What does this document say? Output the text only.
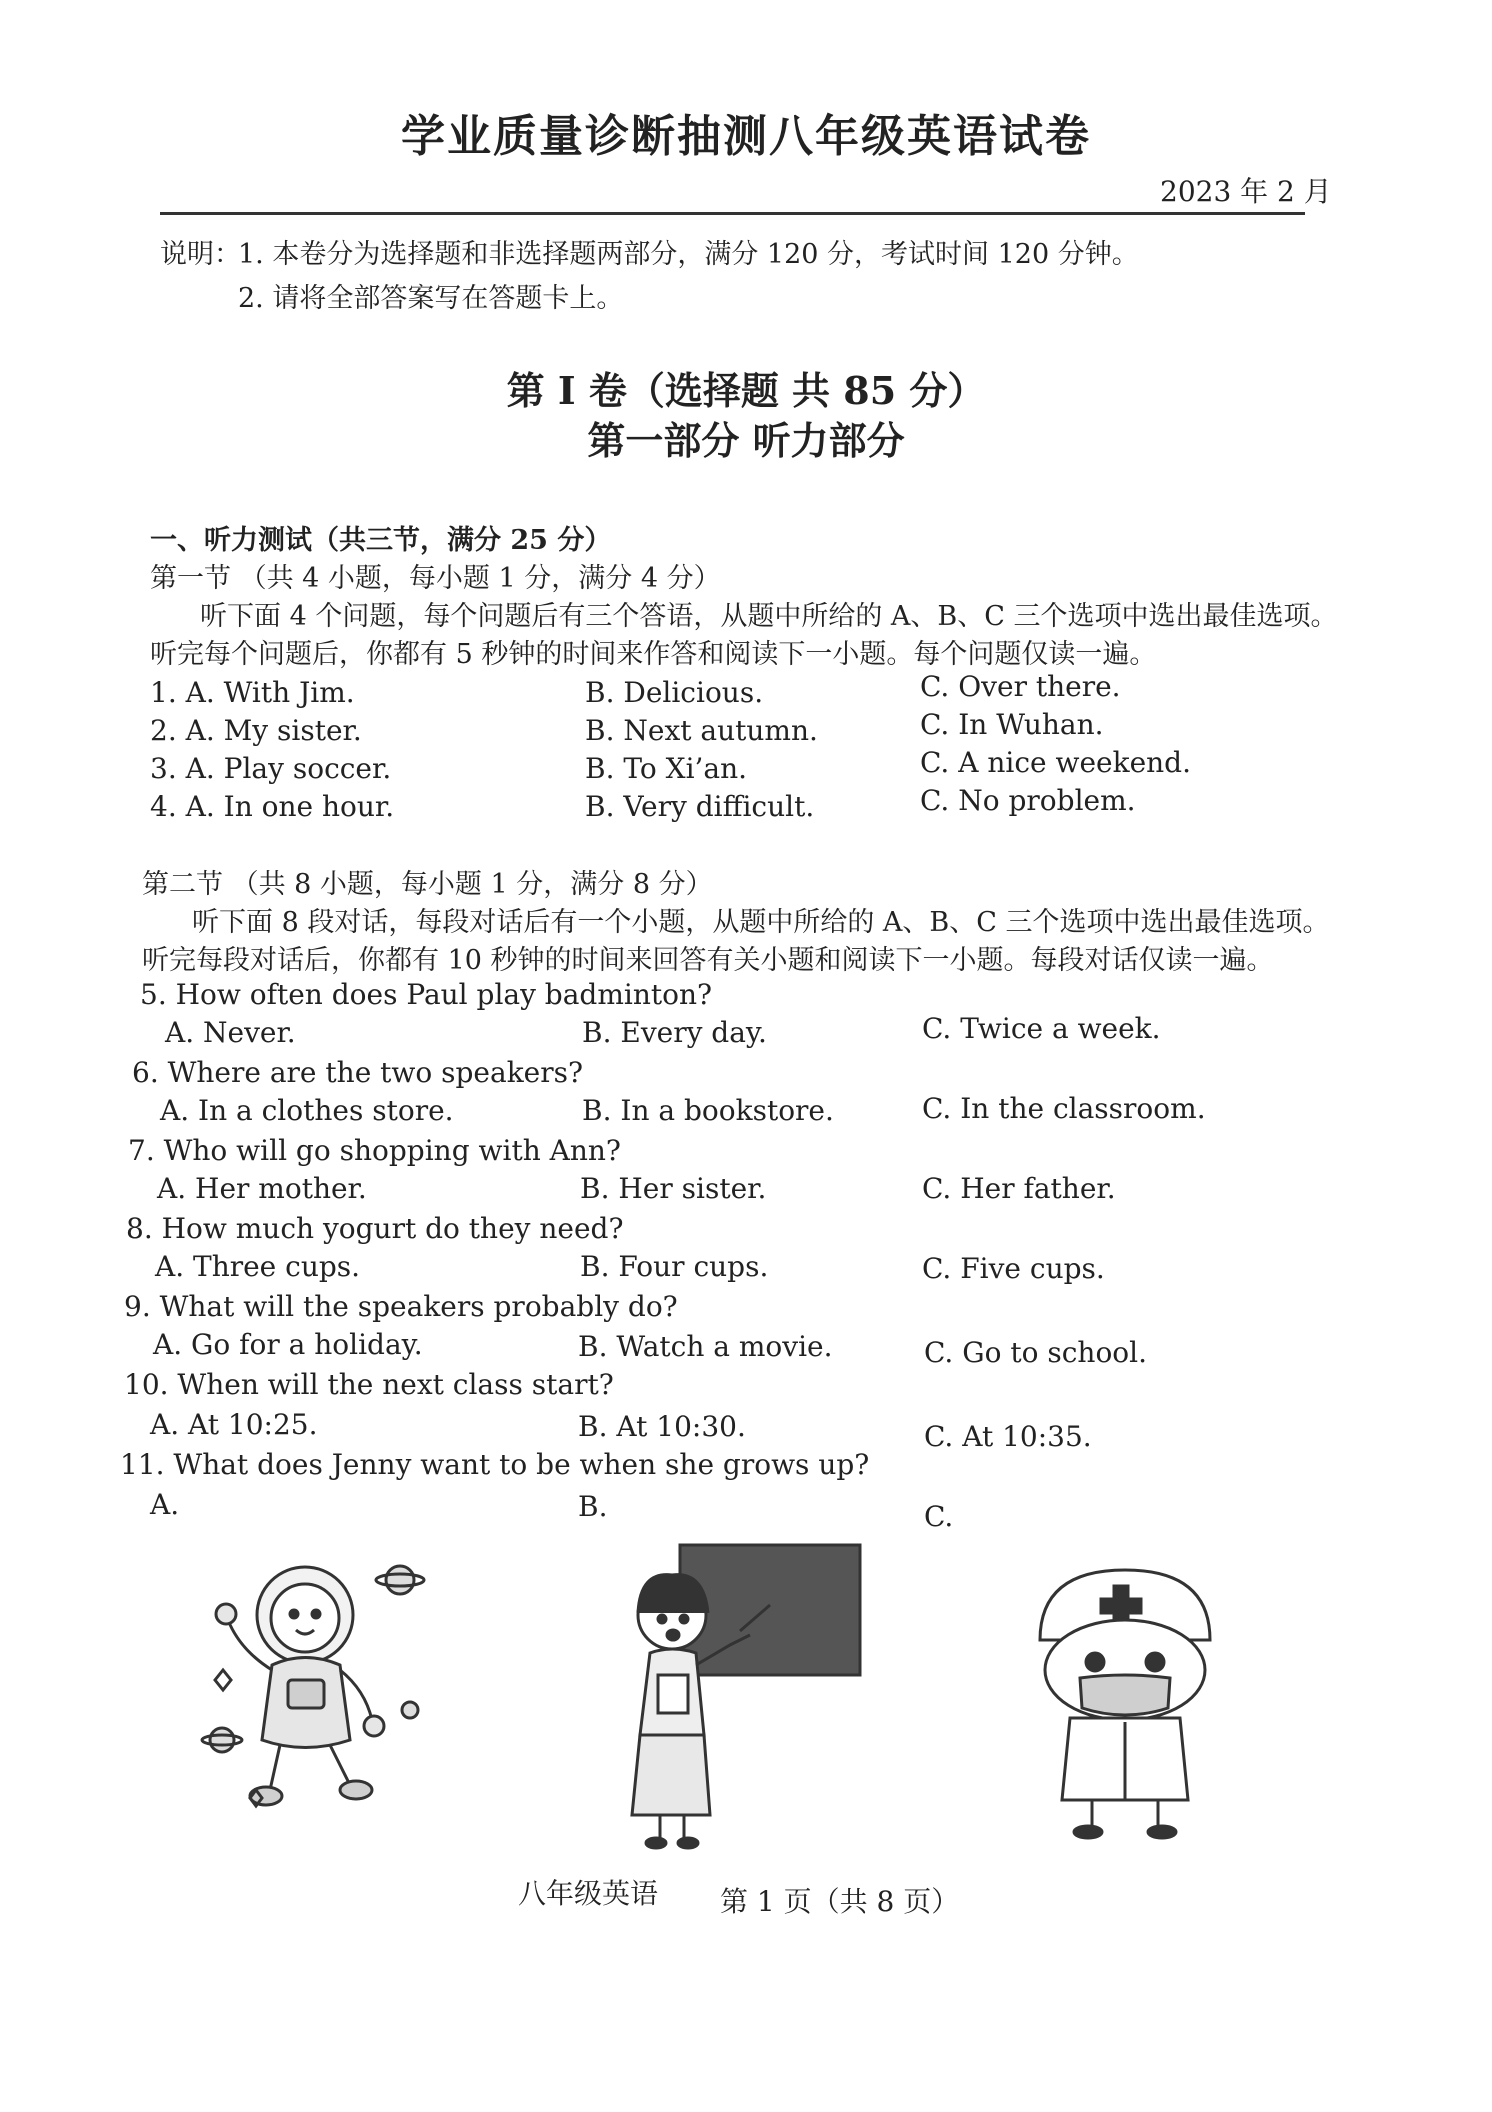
学业质量诊断抽测八年级英语试卷
2023 年 2 月
说明：
1. 本卷分为选择题和非选择题两部分，满分 120 分，考试时间 120 分钟。
2. 请将全部答案写在答题卡上。
第 I 卷（选择题 共 85 分）
第一部分 听力部分
一、听力测试（共三节，满分 25 分）
第一节 （共 4 小题，每小题 1 分，满分 4 分）
听下面 4 个问题，每个问题后有三个答语，从题中所给的 A、B、C 三个选项中选出最佳选项。
听完每个问题后，你都有 5 秒钟的时间来作答和阅读下一小题。每个问题仅读一遍。
1. A. With Jim.	B. Delicious.	C. Over there.
2. A. My sister.	B. Next autumn.	C. In Wuhan.
3. A. Play soccer.	B. To Xi’an.	C. A nice weekend.
4. A. In one hour.	B. Very difficult.	C. No problem.
第二节 （共 8 小题，每小题 1 分，满分 8 分）
听下面 8 段对话，每段对话后有一个小题，从题中所给的 A、B、C 三个选项中选出最佳选项。
听完每段对话后，你都有 10 秒钟的时间来回答有关小题和阅读下一小题。每段对话仅读一遍。
5. How often does Paul play badminton?
A. Never.	B. Every day.	C. Twice a week.
6. Where are the two speakers?
A. In a clothes store.	B. In a bookstore.	C. In the classroom.
7. Who will go shopping with Ann?
A. Her mother.	B. Her sister.	C. Her father.
8. How much yogurt do they need?
A. Three cups.	B. Four cups.	C. Five cups.
9. What will the speakers probably do?
A. Go for a holiday.	B. Watch a movie.	C. Go to school.
10. When will the next class start?
A. At 10:25.	B. At 10:30.	C. At 10:35.
11. What does Jenny want to be when she grows up?
A.	B.	C.
八年级英语 第 1 页（共 8 页）
